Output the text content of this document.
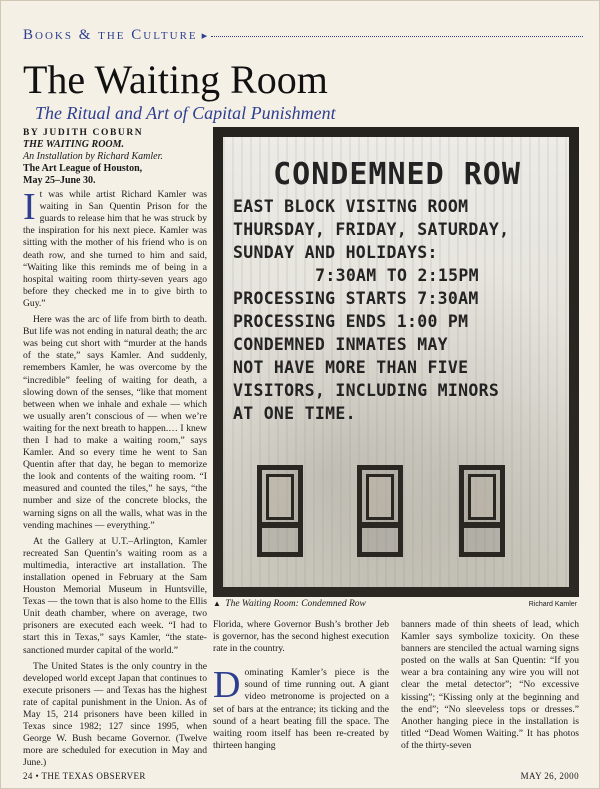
Books & the Culture ▸
The Waiting Room
The Ritual and Art of Capital Punishment
BY JUDITH COBURN
THE WAITING ROOM.
An Installation by Richard Kamler.
The Art League of Houston,
May 25–June 30.

It was while artist Richard Kamler was waiting in San Quentin Prison for the guards to release him that he was struck by the inspiration for his next piece. Kamler was sitting with the mother of his friend who is on death row, and she turned to him and said, “Waiting like this reminds me of being in a hospital waiting room thirty-seven years ago before they checked me in to give birth to Guy.”

Here was the arc of life from birth to death. But life was not ending in natural death; the arc was being cut short with “murder at the hands of the state,” says Kamler. And suddenly, remembers Kamler, he was overcome by the “incredible” feeling of waiting for death, a slowing down of the senses, “like that moment between when we inhale and exhale — which we usually aren’t conscious of — when we’re waiting for the next breath to happen.… I knew then I had to make a waiting room,” says Kamler. And so every time he went to San Quentin after that day, he began to memorize the look and contents of the waiting room. “I measured and counted the tiles,” he says, “the number and size of the concrete blocks, the warning signs on all the walls, what was in the vending machines — everything.”

At the Gallery at U.T.–Arlington, Kamler recreated San Quentin’s waiting room as a multimedia, interactive art installation. The installation opened in February at the Sam Houston Memorial Museum in Huntsville, Texas — the town that is also home to the Ellis Unit death chamber, where on average, two prisoners are executed each week. “I had to start this in Texas,” says Kamler, “the state-sanctioned murder capital of the world.”

The United States is the only country in the developed world except Japan that continues to execute prisoners — and Texas has the highest rate of capital punishment in the Union. As of May 15, 214 prisoners have been killed in Texas since 1982; 127 since 1995, when George W. Bush became Governor. (Twelve more are scheduled for execution in May and June.)

CONDEMNED ROW
EAST BLOCK VISITNG ROOM
THURSDAY, FRIDAY, SATURDAY,
SUNDAY AND HOLIDAYS:
7:30AM TO 2:15PM
PROCESSING STARTS 7:30AM
PROCESSING ENDS 1:00 PM
CONDEMNED INMATES MAY
NOT HAVE MORE THAN FIVE
VISITORS, INCLUDING MINORS
AT ONE TIME.
▲ The Waiting Room: Condemned Row	Richard Kamler

Florida, where Governor Bush’s brother Jeb is governor, has the second highest execution rate in the country.

Dominating Kamler’s piece is the sound of time running out. A giant video metronome is projected on a set of bars at the entrance; its ticking and the sound of a heart beating fill the space. The waiting room itself has been re-created by thirteen hanging

banners made of thin sheets of lead, which Kamler says symbolize toxicity. On these banners are stenciled the actual warning signs posted on the walls at San Quentin: “If you wear a bra containing any wire you will not clear the metal detector”; “No excessive kissing”; “Kissing only at the beginning and the end”; “No sleeveless tops or dresses.” Another hanging piece in the installation is titled “Dead Women Waiting.” It has photos of the thirty-seven

24 • THE TEXAS OBSERVER	MAY 26, 2000
